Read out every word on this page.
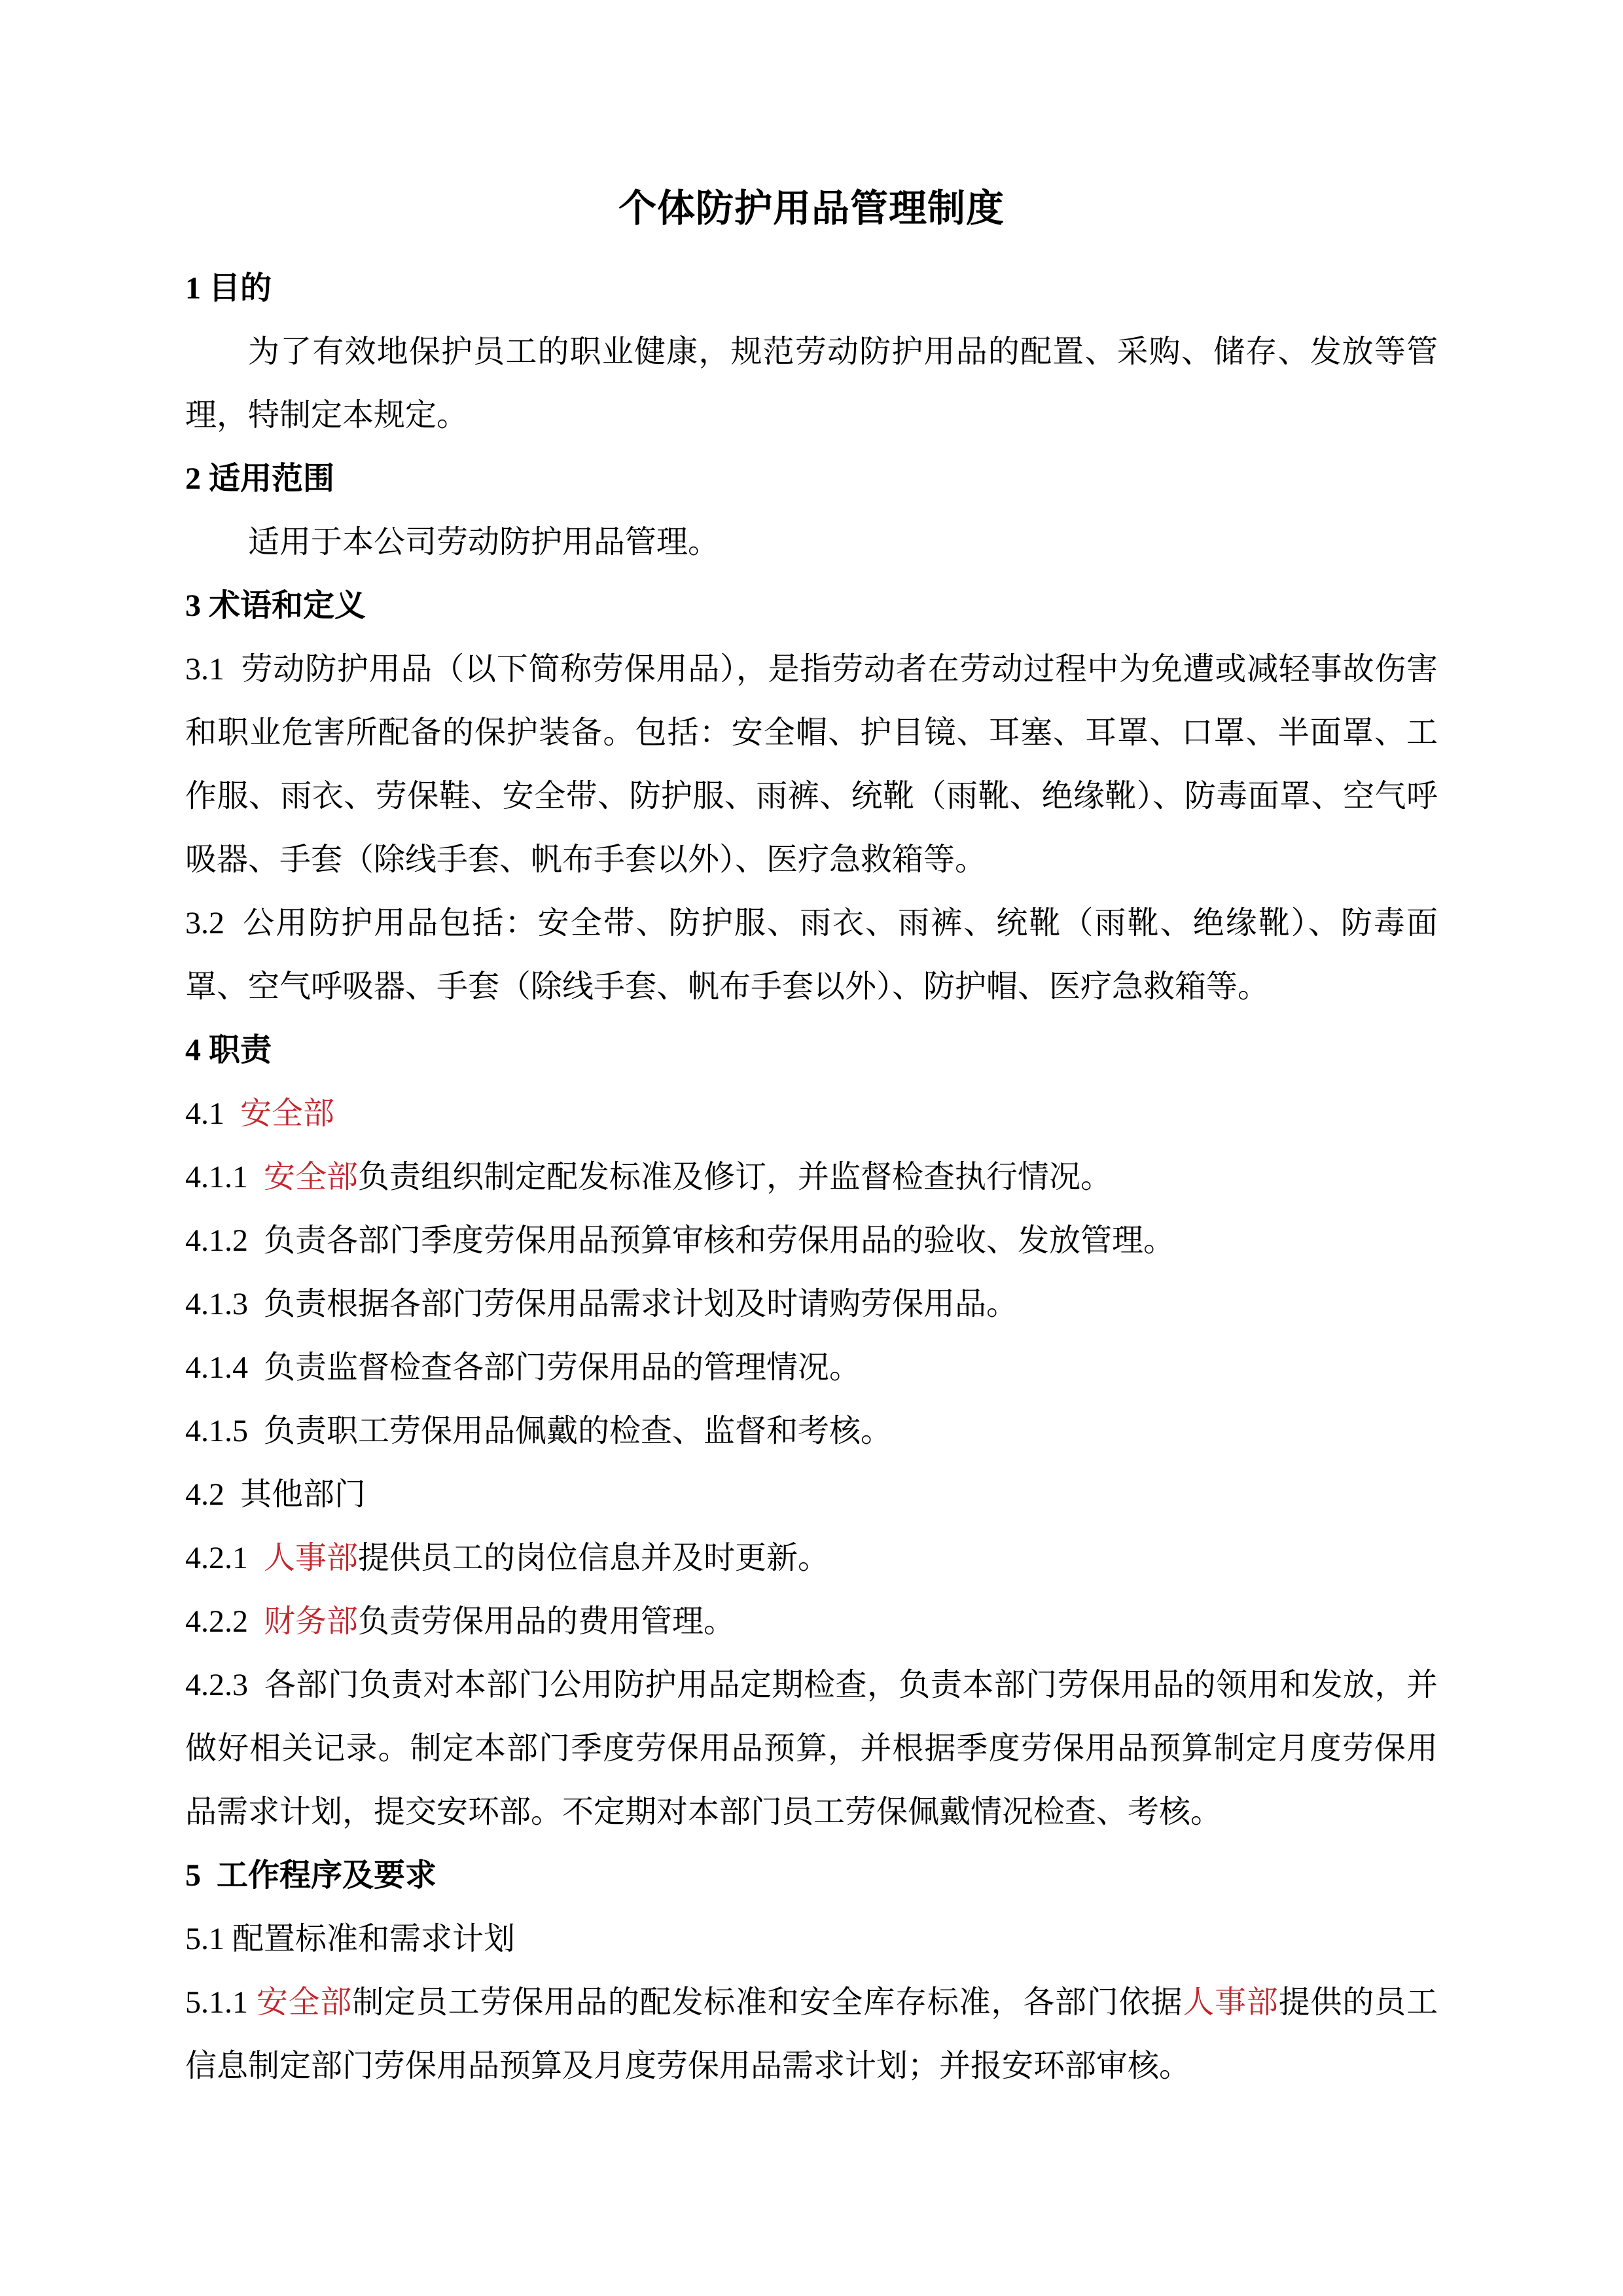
个体防护用品管理制度

1 目的

为了有效地保护员工的职业健康，规范劳动防护用品的配置、采购、储存、发放等管理，特制定本规定。

2 适用范围

适用于本公司劳动防护用品管理。

3 术语和定义

3.1  劳动防护用品（以下简称劳保用品），是指劳动者在劳动过程中为免遭或减轻事故伤害和职业危害所配备的保护装备。包括：安全帽、护目镜、耳塞、耳罩、口罩、半面罩、工作服、雨衣、劳保鞋、安全带、防护服、雨裤、统靴（雨靴、绝缘靴）、防毒面罩、空气呼吸器、手套（除线手套、帆布手套以外）、医疗急救箱等。

3.2  公用防护用品包括：安全带、防护服、雨衣、雨裤、统靴（雨靴、绝缘靴）、防毒面罩、空气呼吸器、手套（除线手套、帆布手套以外）、防护帽、医疗急救箱等。

4 职责

4.1  安全部

4.1.1  安全部负责组织制定配发标准及修订，并监督检查执行情况。

4.1.2  负责各部门季度劳保用品预算审核和劳保用品的验收、发放管理。

4.1.3  负责根据各部门劳保用品需求计划及时请购劳保用品。

4.1.4  负责监督检查各部门劳保用品的管理情况。

4.1.5  负责职工劳保用品佩戴的检查、监督和考核。

4.2  其他部门

4.2.1  人事部提供员工的岗位信息并及时更新。

4.2.2  财务部负责劳保用品的费用管理。

4.2.3  各部门负责对本部门公用防护用品定期检查，负责本部门劳保用品的领用和发放，并做好相关记录。制定本部门季度劳保用品预算，并根据季度劳保用品预算制定月度劳保用品需求计划，提交安环部。不定期对本部门员工劳保佩戴情况检查、考核。

5  工作程序及要求

5.1 配置标准和需求计划

5.1.1 安全部制定员工劳保用品的配发标准和安全库存标准，各部门依据人事部提供的员工信息制定部门劳保用品预算及月度劳保用品需求计划；并报安环部审核。
